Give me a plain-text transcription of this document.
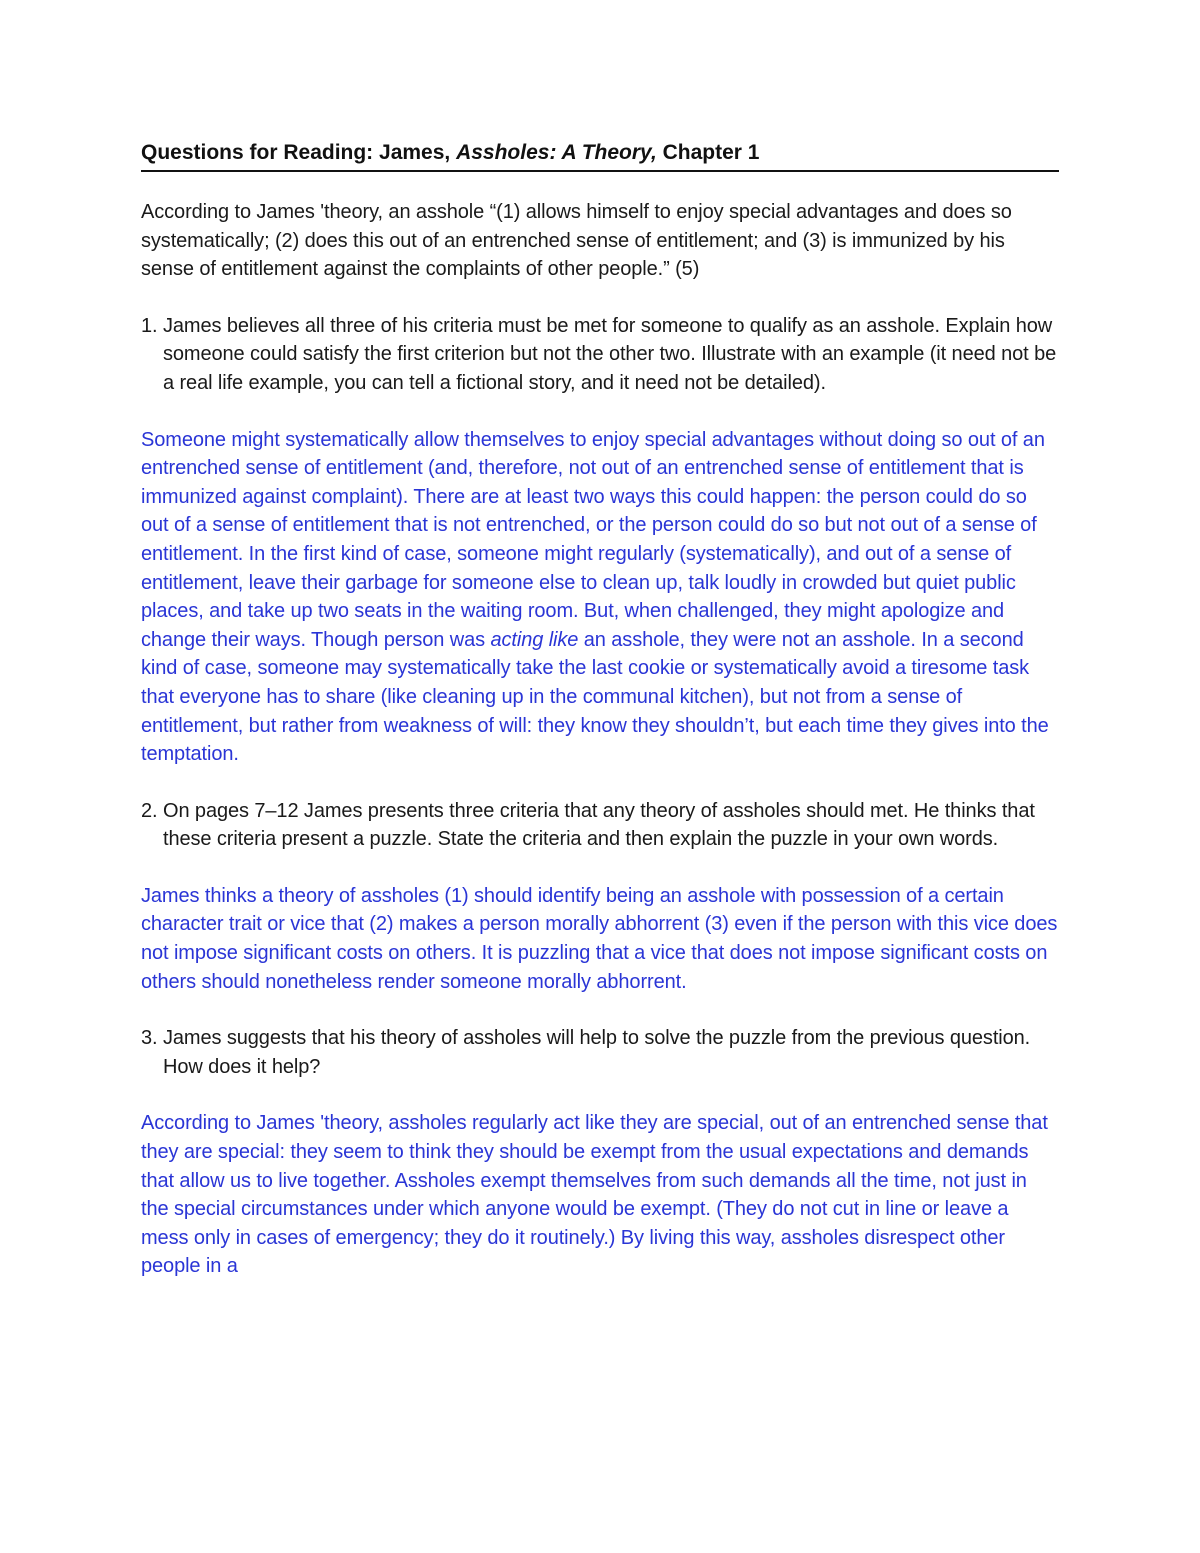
Questions for Reading: James, Assholes: A Theory, Chapter 1

According to James 'theory, an asshole “(1) allows himself to enjoy special advantages and does so systematically; (2) does this out of an entrenched sense of entitlement; and (3) is immunized by his sense of entitlement against the complaints of other people.” (5)

1. James believes all three of his criteria must be met for someone to qualify as an asshole. Explain how someone could satisfy the first criterion but not the other two. Illustrate with an example (it need not be a real life example, you can tell a fictional story, and it need not be detailed).

Someone might systematically allow themselves to enjoy special advantages without doing so out of an entrenched sense of entitlement (and, therefore, not out of an entrenched sense of entitlement that is immunized against complaint). There are at least two ways this could happen: the person could do so out of a sense of entitlement that is not entrenched, or the person could do so but not out of a sense of entitlement. In the first kind of case, someone might regularly (systematically), and out of a sense of entitlement, leave their garbage for someone else to clean up, talk loudly in crowded but quiet public places, and take up two seats in the waiting room. But, when challenged, they might apologize and change their ways. Though person was acting like an asshole, they were not an asshole. In a second kind of case, someone may systematically take the last cookie or systematically avoid a tiresome task that everyone has to share (like cleaning up in the communal kitchen), but not from a sense of entitlement, but rather from weakness of will: they know they shouldn’t, but each time they gives into the temptation.

2. On pages 7–12 James presents three criteria that any theory of assholes should met. He thinks that these criteria present a puzzle. State the criteria and then explain the puzzle in your own words.

James thinks a theory of assholes (1) should identify being an asshole with possession of a certain character trait or vice that (2) makes a person morally abhorrent (3) even if the person with this vice does not impose significant costs on others. It is puzzling that a vice that does not impose significant costs on others should nonetheless render someone morally abhorrent.

3. James suggests that his theory of assholes will help to solve the puzzle from the previous question. How does it help?

According to James 'theory, assholes regularly act like they are special, out of an entrenched sense that they are special: they seem to think they should be exempt from the usual expectations and demands that allow us to live together. Assholes exempt themselves from such demands all the time, not just in the special circumstances under which anyone would be exempt. (They do not cut in line or leave a mess only in cases of emergency; they do it routinely.) By living this way, assholes disrespect other people in a
